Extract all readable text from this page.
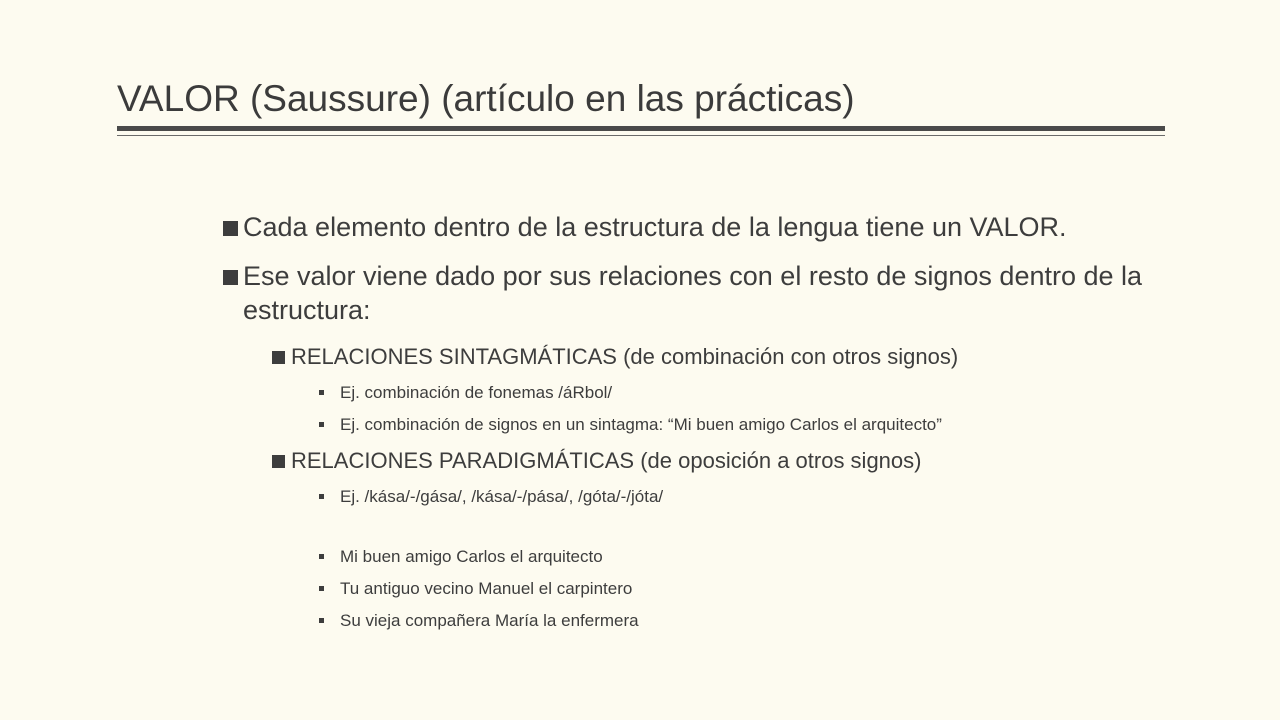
VALOR (Saussure) (artículo en las prácticas)
Cada elemento dentro de la estructura de la lengua tiene un VALOR.
Ese valor viene dado por sus relaciones con el resto de signos dentro de la estructura:
RELACIONES SINTAGMÁTICAS (de combinación con otros signos)
Ej. combinación de fonemas /áRbol/
Ej. combinación de signos en un sintagma: “Mi buen amigo Carlos el arquitecto”
RELACIONES PARADIGMÁTICAS (de oposición a otros signos)
Ej. /kása/-/gása/, /kása/-/pása/, /góta/-/jóta/
Mi buen amigo Carlos el arquitecto
Tu antiguo vecino Manuel el carpintero
Su vieja compañera María la enfermera
